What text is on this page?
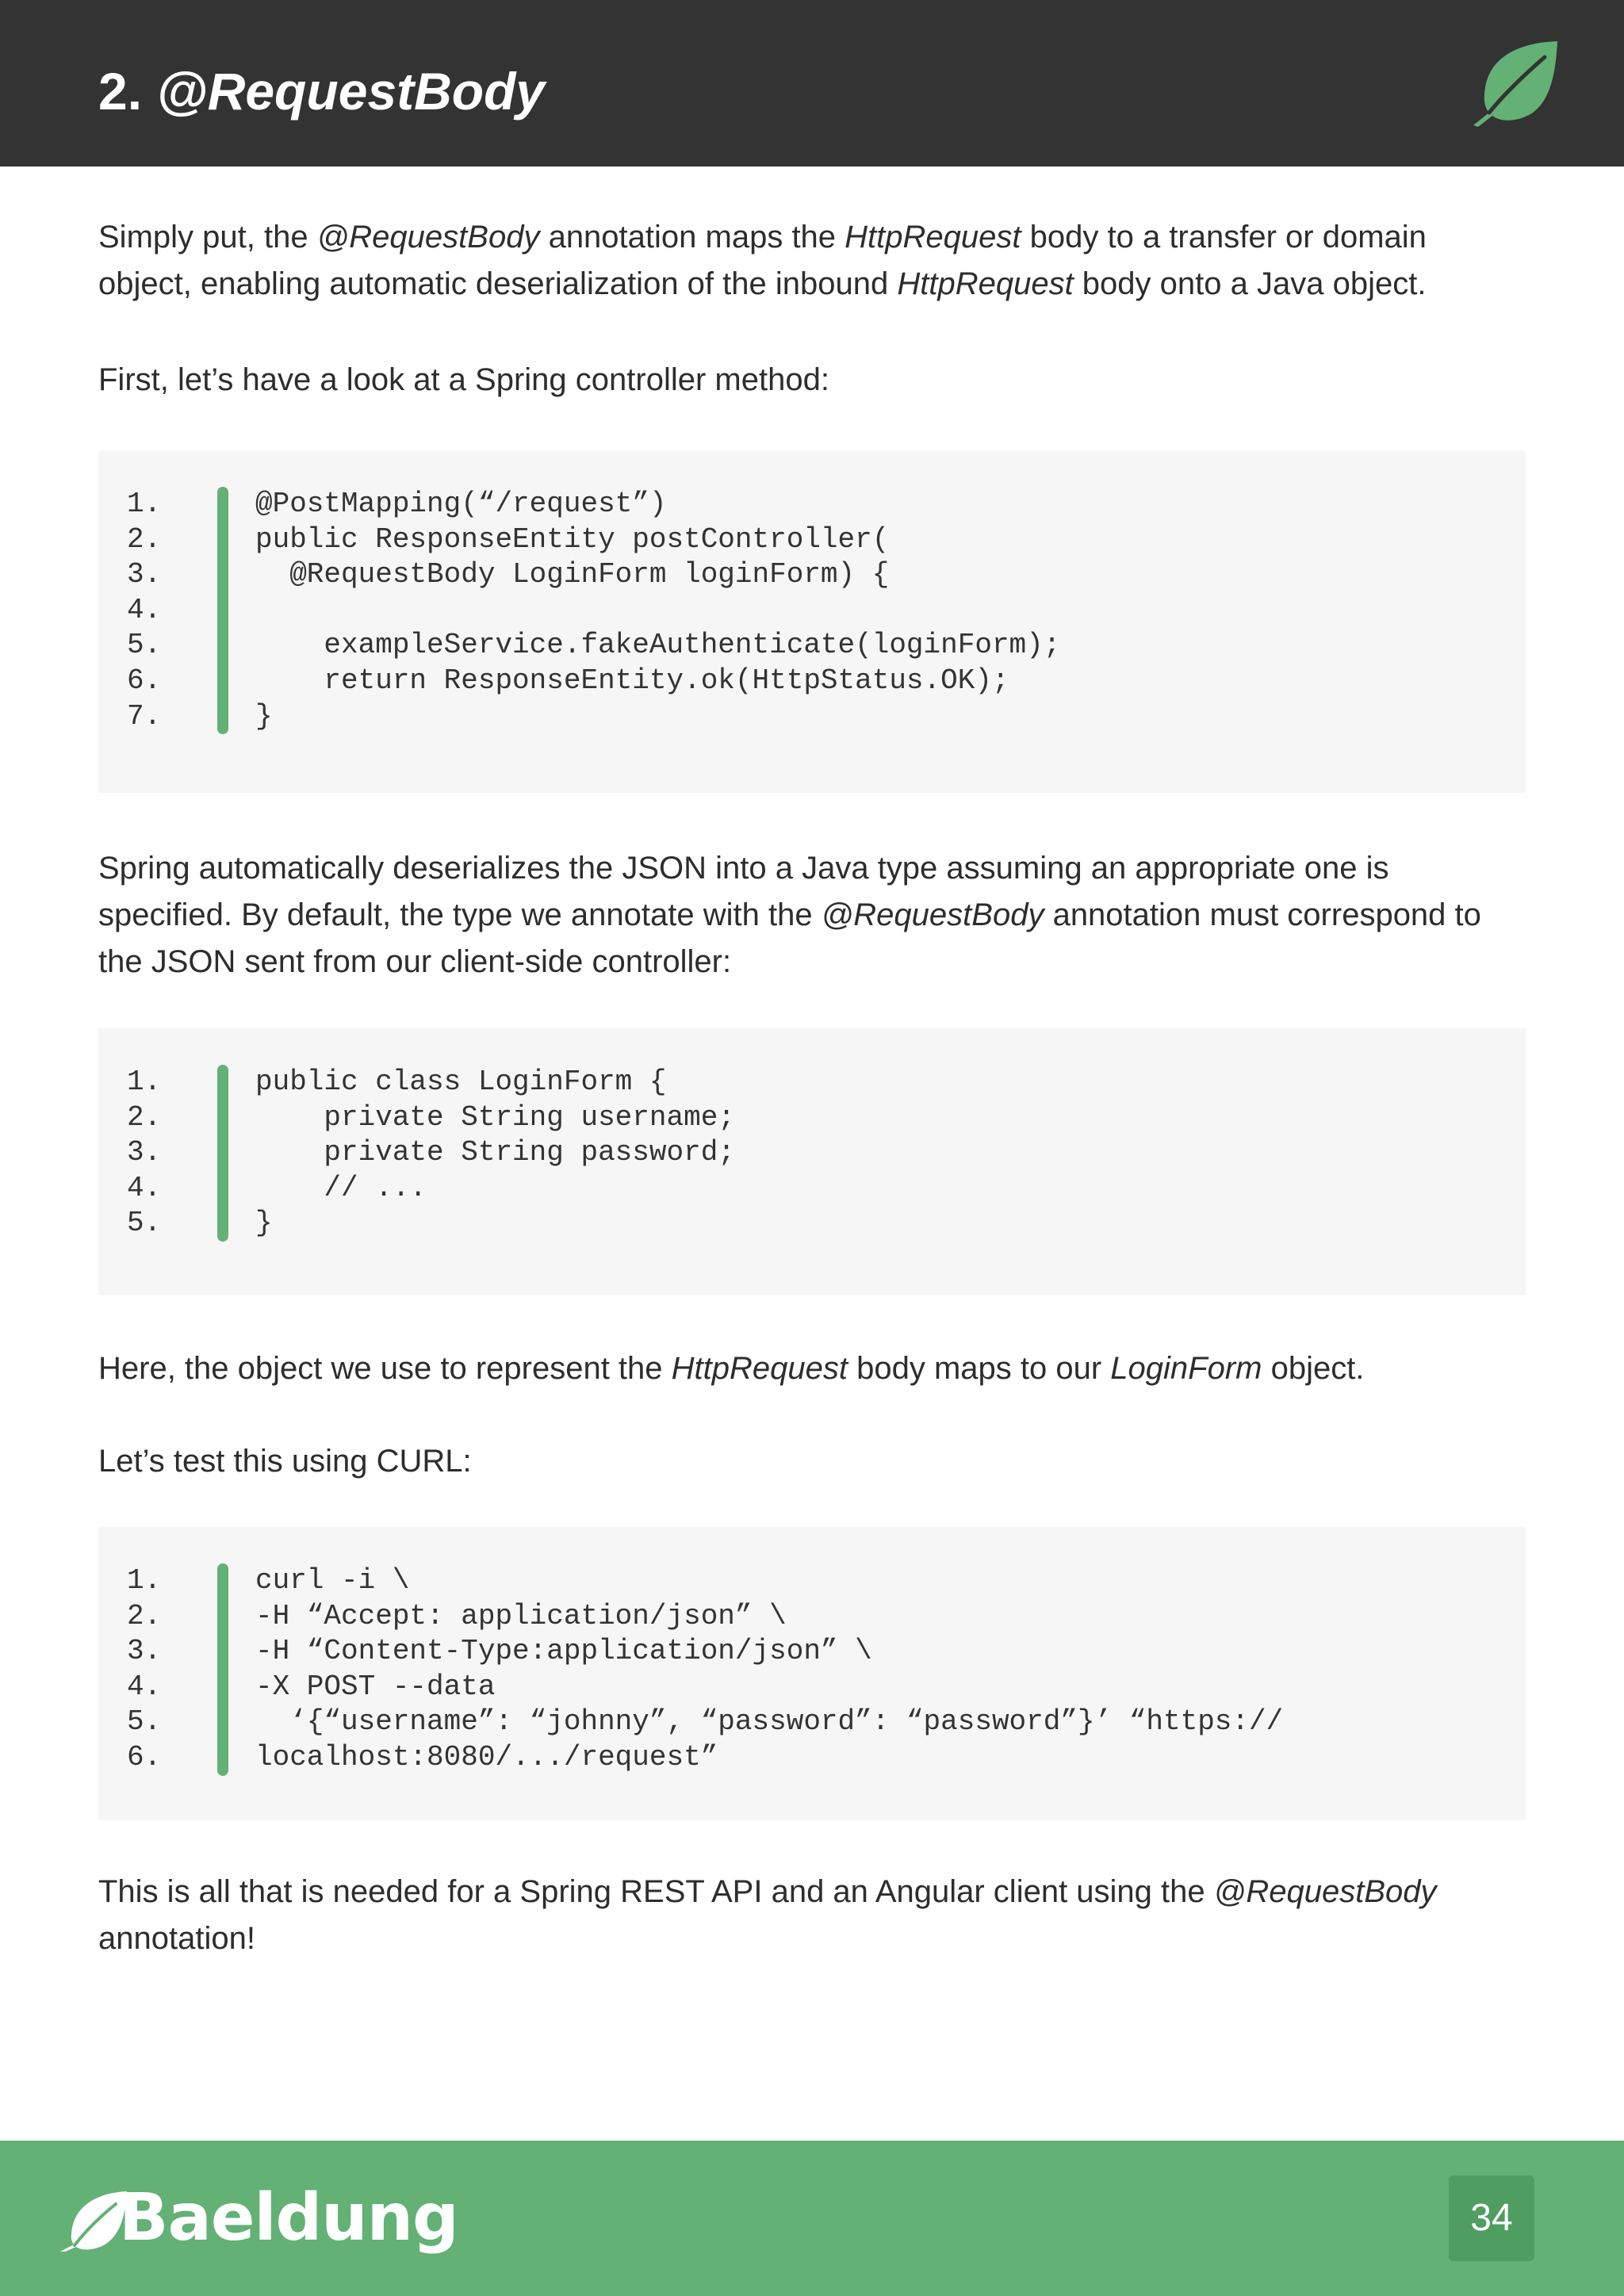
2. @RequestBody

Simply put, the @RequestBody annotation maps the HttpRequest body to a transfer or domain object, enabling automatic deserialization of the inbound HttpRequest body onto a Java object.

First, let’s have a look at a Spring controller method:

1.	@PostMapping(“/request”)
2.	public ResponseEntity postController(
3.	@RequestBody LoginForm loginForm) {
4.
5.	exampleService.fakeAuthenticate(loginForm);
6.	return ResponseEntity.ok(HttpStatus.OK);
7.	}

Spring automatically deserializes the JSON into a Java type assuming an appropriate one is specified. By default, the type we annotate with the @RequestBody annotation must correspond to the JSON sent from our client-side controller:

1.	public class LoginForm {
2.	private String username;
3.	private String password;
4.	// ...
5.	}

Here, the object we use to represent the HttpRequest body maps to our LoginForm object.

Let’s test this using CURL:

1.	curl -i \
2.	-H “Accept: application/json” \
3.	-H “Content-Type:application/json” \
4.	-X POST --data
5.	‘{“username”: “johnny”, “password”: “password”}’ “https://
6.	localhost:8080/.../request”

This is all that is needed for a Spring REST API and an Angular client using the @RequestBody annotation!

Baeldung	34
